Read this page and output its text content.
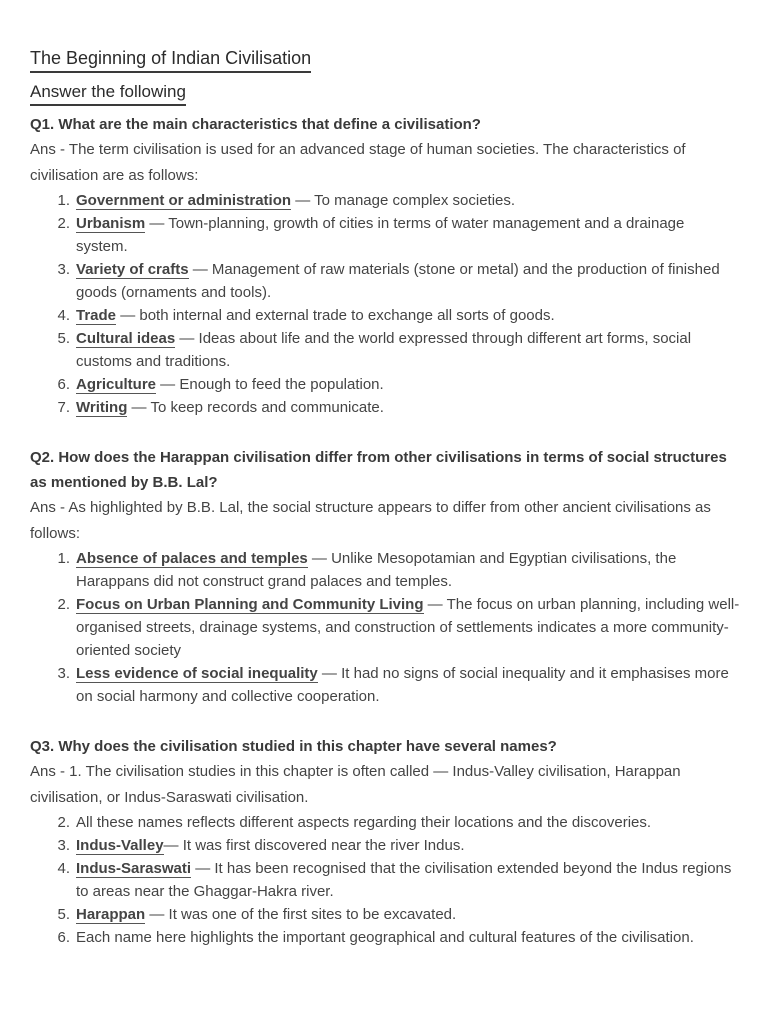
The Beginning of Indian Civilisation
Answer the following

Q1. What are the main characteristics that define a civilisation?

Ans - The term civilisation is used for an advanced stage of human societies. The characteristics of civilisation are as follows:

1. Government or administration — To manage complex societies.
2. Urbanism — Town-planning, growth of cities in terms of water management and a drainage system.
3. Variety of crafts — Management of raw materials (stone or metal) and the production of finished goods (ornaments and tools).
4. Trade — both internal and external trade to exchange all sorts of goods.
5. Cultural ideas — Ideas about life and the world expressed through different art forms, social customs and traditions.
6. Agriculture — Enough to feed the population.
7. Writing — To keep records and communicate.

Q2. How does the Harappan civilisation differ from other civilisations in terms of social structures as mentioned by B.B. Lal?

Ans - As highlighted by B.B. Lal, the social structure appears to differ from other ancient civilisations as follows:

1. Absence of palaces and temples — Unlike Mesopotamian and Egyptian civilisations, the Harappans did not construct grand palaces and temples.
2. Focus on Urban Planning and Community Living — The focus on urban planning, including well-organised streets, drainage systems, and construction of settlements indicates a more community-oriented society
3. Less evidence of social inequality — It had no signs of social inequality and it emphasises more on social harmony and collective cooperation.

Q3. Why does the civilisation studied in this chapter have several names?

Ans - 1. The civilisation studies in this chapter is often called — Indus-Valley civilisation, Harappan civilisation, or Indus-Saraswati civilisation.

2. All these names reflects different aspects regarding their locations and the discoveries.
3. Indus-Valley— It was first discovered near the river Indus.
4. Indus-Saraswati — It has been recognised that the civilisation extended beyond the Indus regions to areas near the Ghaggar-Hakra river.
5. Harappan — It was one of the first sites to be excavated.
6. Each name here highlights the important geographical and cultural features of the civilisation.
